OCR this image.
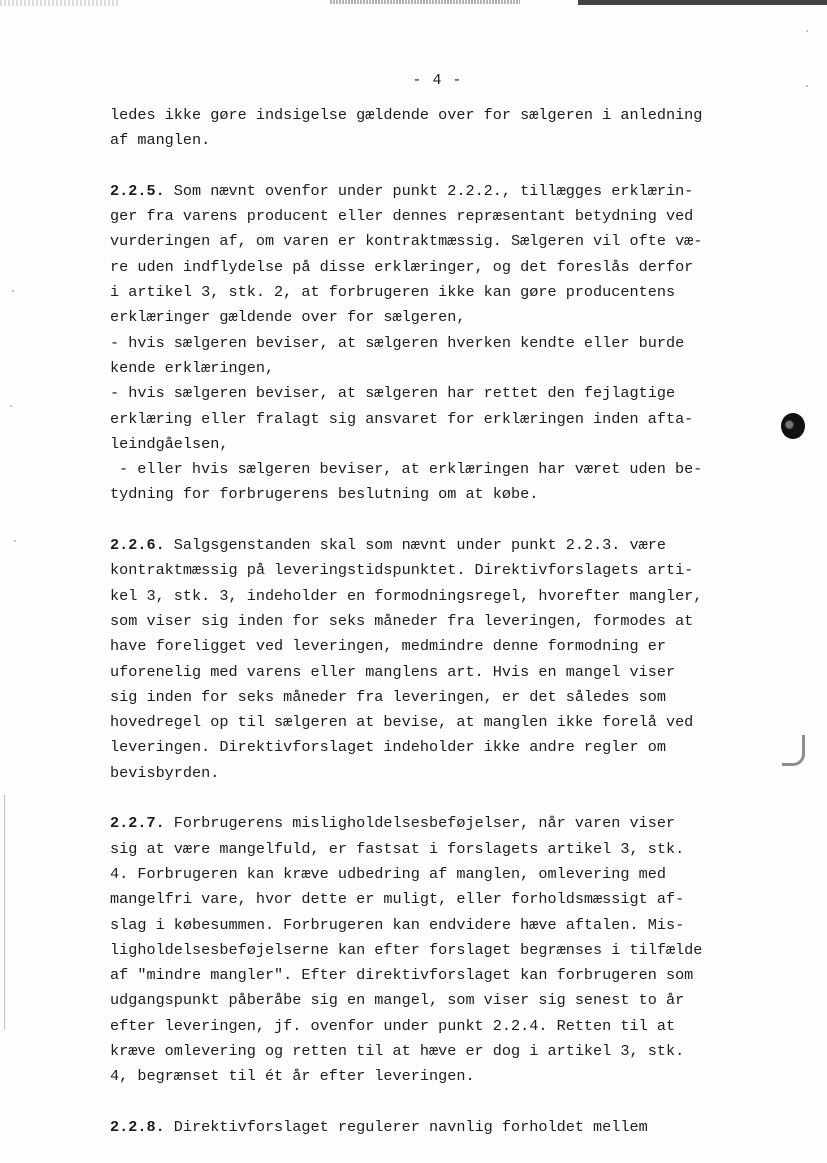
- 4 -
ledes ikke gøre indsigelse gældende over for sælgeren i anledning
af manglen.
2.2.5. Som nævnt ovenfor under punkt 2.2.2., tillægges erklærin-
ger fra varens producent eller dennes repræsentant betydning ved
vurderingen af, om varen er kontraktmæssig. Sælgeren vil ofte væ-
re uden indflydelse på disse erklæringer, og det foreslås derfor
i artikel 3, stk. 2, at forbrugeren ikke kan gøre producentens
erklæringer gældende over for sælgeren,
- hvis sælgeren beviser, at sælgeren hverken kendte eller burde
kende erklæringen,
- hvis sælgeren beviser, at sælgeren har rettet den fejlagtige
erklæring eller fralagt sig ansvaret for erklæringen inden afta-
leindgåelsen,
- eller hvis sælgeren beviser, at erklæringen har været uden be-
tydning for forbrugerens beslutning om at købe.
2.2.6. Salgsgenstanden skal som nævnt under punkt 2.2.3. være
kontraktmæssig på leveringstidspunktet. Direktivforslagets arti-
kel 3, stk. 3, indeholder en formodningsregel, hvorefter mangler,
som viser sig inden for seks måneder fra leveringen, formodes at
have foreligget ved leveringen, medmindre denne formodning er
uforenelig med varens eller manglens art. Hvis en mangel viser
sig inden for seks måneder fra leveringen, er det således som
hovedregel op til sælgeren at bevise, at manglen ikke forelå ved
leveringen. Direktivforslaget indeholder ikke andre regler om
bevisbyrden.
2.2.7. Forbrugerens misligholdelsesbeføjelser, når varen viser
sig at være mangelfuld, er fastsat i forslagets artikel 3, stk.
4. Forbrugeren kan kræve udbedring af manglen, omlevering med
mangelfri vare, hvor dette er muligt, eller forholdsmæssigt af-
slag i købesummen. Forbrugeren kan endvidere hæve aftalen. Mis-
ligholdelsesbeføjelserne kan efter forslaget begrænses i tilfælde
af "mindre mangler". Efter direktivforslaget kan forbrugeren som
udgangspunkt påberåbe sig en mangel, som viser sig senest to år
efter leveringen, jf. ovenfor under punkt 2.2.4. Retten til at
kræve omlevering og retten til at hæve er dog i artikel 3, stk.
4, begrænset til ét år efter leveringen.
2.2.8. Direktivforslaget regulerer navnlig forholdet mellem
